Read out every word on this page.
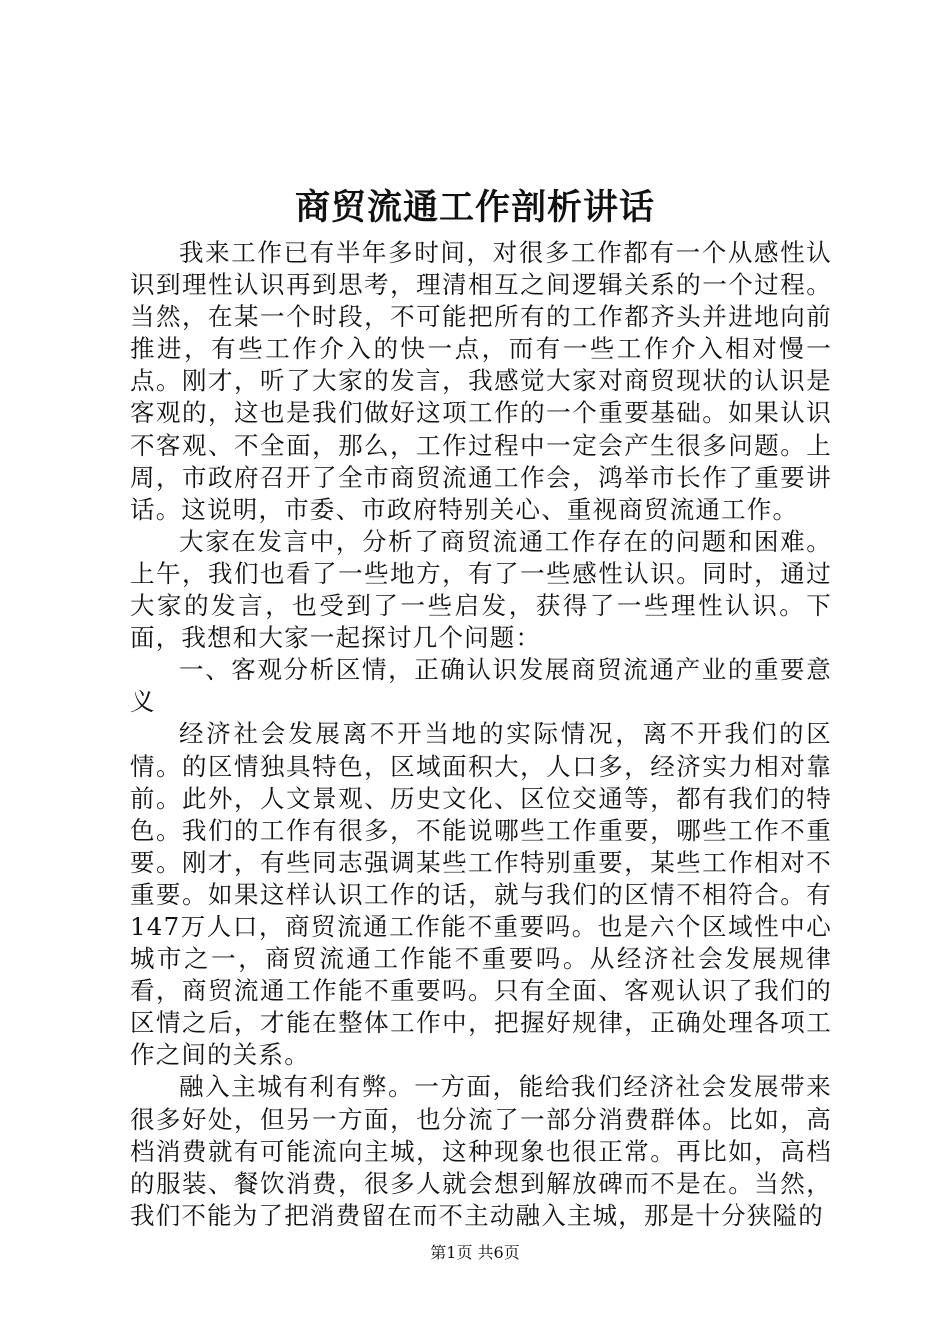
商贸流通工作剖析讲话

我来工作已有半年多时间，对很多工作都有一个从感性认识到理性认识再到思考，理清相互之间逻辑关系的一个过程。当然，在某一个时段，不可能把所有的工作都齐头并进地向前推进，有些工作介入的快一点，而有一些工作介入相对慢一点。刚才，听了大家的发言，我感觉大家对商贸现状的认识是客观的，这也是我们做好这项工作的一个重要基础。如果认识不客观、不全面，那么，工作过程中一定会产生很多问题。上周，市政府召开了全市商贸流通工作会，鸿举市长作了重要讲话。这说明，市委、市政府特别关心、重视商贸流通工作。

大家在发言中，分析了商贸流通工作存在的问题和困难。上午，我们也看了一些地方，有了一些感性认识。同时，通过大家的发言，也受到了一些启发，获得了一些理性认识。下面，我想和大家一起探讨几个问题：

一、客观分析区情，正确认识发展商贸流通产业的重要意义

经济社会发展离不开当地的实际情况，离不开我们的区情。的区情独具特色，区域面积大，人口多，经济实力相对靠前。此外，人文景观、历史文化、区位交通等，都有我们的特色。我们的工作有很多，不能说哪些工作重要，哪些工作不重要。刚才，有些同志强调某些工作特别重要，某些工作相对不重要。如果这样认识工作的话，就与我们的区情不相符合。有147万人口，商贸流通工作能不重要吗。也是六个区域性中心城市之一，商贸流通工作能不重要吗。从经济社会发展规律看，商贸流通工作能不重要吗。只有全面、客观认识了我们的区情之后，才能在整体工作中，把握好规律，正确处理各项工作之间的关系。

融入主城有利有弊。一方面，能给我们经济社会发展带来很多好处，但另一方面，也分流了一部分消费群体。比如，高档消费就有可能流向主城，这种现象也很正常。再比如，高档的服装、餐饮消费，很多人就会想到解放碑而不是在。当然，我们不能为了把消费留在而不主动融入主城，那是十分狭隘的

第1页 共6页
